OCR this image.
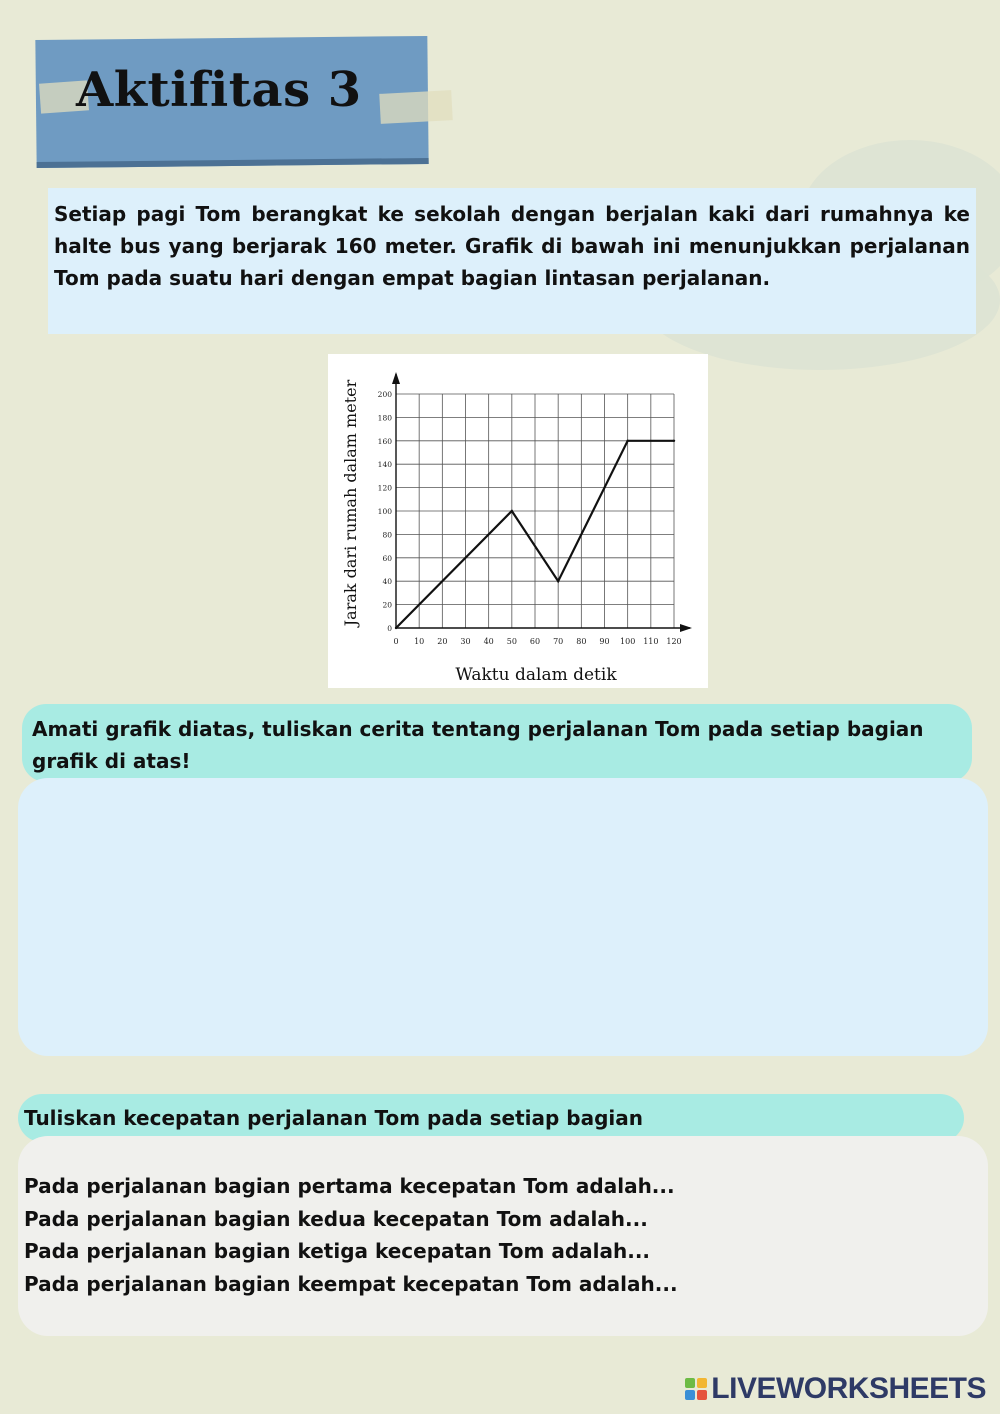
Aktifitas 3
Setiap pagi Tom berangkat ke sekolah dengan berjalan kaki dari rumahnya ke halte bus yang berjarak 160 meter. Grafik di bawah ini menunjukkan perjalanan Tom pada suatu hari dengan empat bagian lintasan perjalanan.
0 10 20 30 40 50 60 70 80 90 100 110 120
0
20
40
60
80
100
120
140
160
180
200
Waktu dalam detik
Jarak dari rumah dalam meter
Amati grafik diatas, tuliskan cerita tentang perjalanan Tom pada setiap bagian grafik di atas!
Tuliskan kecepatan perjalanan Tom pada setiap bagian
Pada perjalanan bagian pertama kecepatan Tom adalah...
Pada perjalanan bagian kedua kecepatan Tom adalah...
Pada perjalanan bagian ketiga kecepatan Tom adalah...
Pada perjalanan bagian keempat kecepatan Tom adalah...
LIVEWORKSHEETS
